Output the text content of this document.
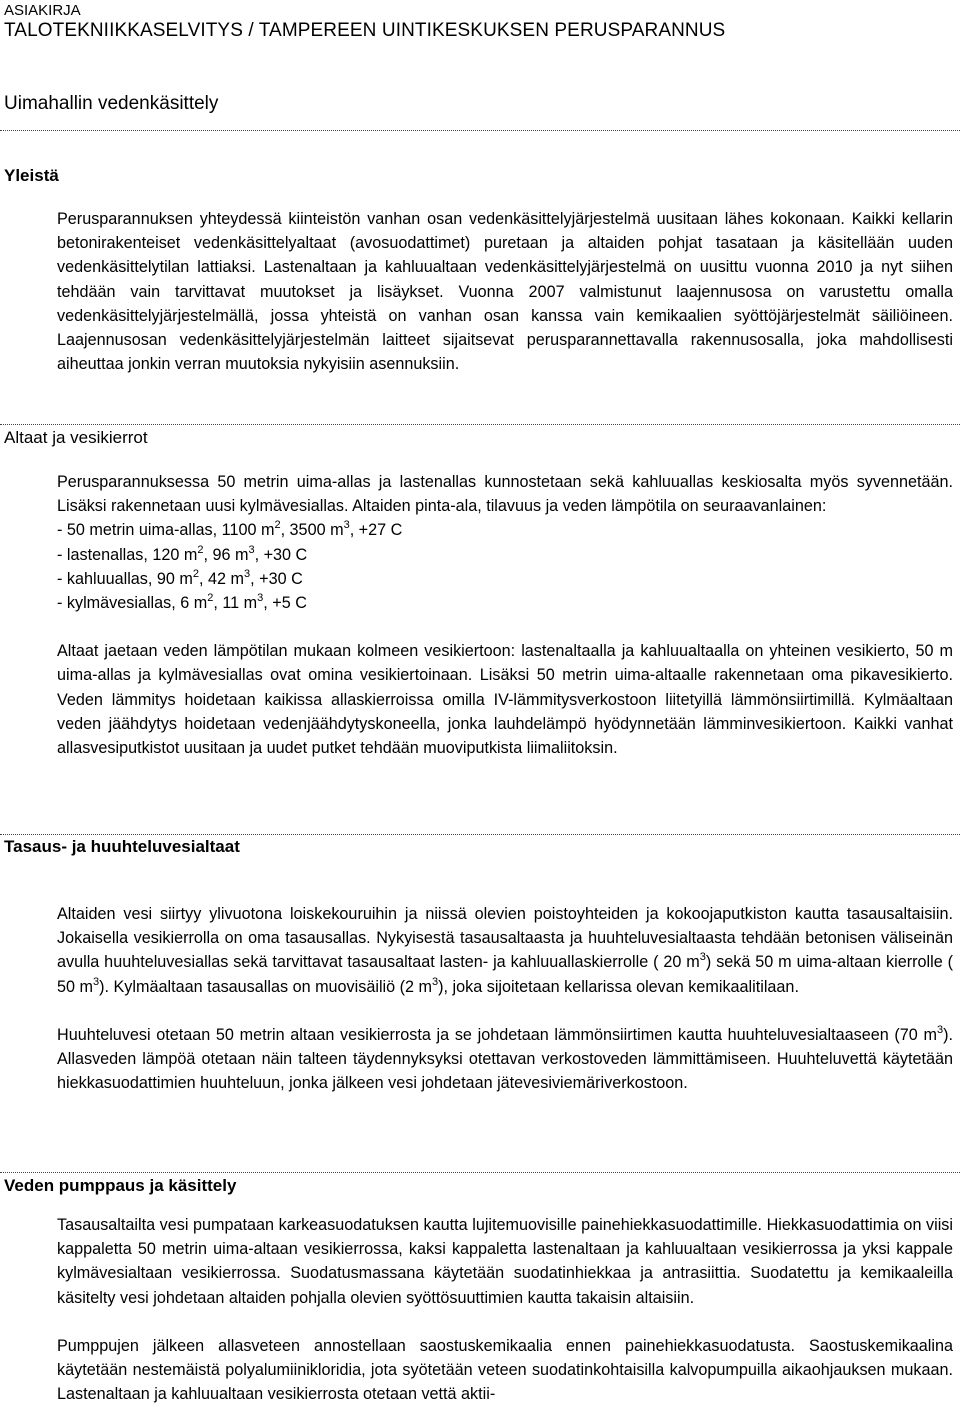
ASIAKIRJA
TALOTEKNIIKKASELVITYS / TAMPEREEN UINTIKESKUKSEN PERUSPARANNUS
Uimahallin vedenkäsittely
Yleistä

Perusparannuksen yhteydessä kiinteistön vanhan osan vedenkäsittelyjärjestelmä uusitaan lähes kokonaan. Kaikki kellarin betonirakenteiset vedenkäsittelyaltaat (avosuodattimet) puretaan ja altaiden pohjat tasataan ja käsitellään uuden vedenkäsittelytilan lattiaksi. Lastenaltaan ja kahluualtaan vedenkäsittelyjärjestelmä on uusittu vuonna 2010 ja nyt siihen tehdään vain tarvittavat muutokset ja lisäykset. Vuonna 2007 valmistunut laajennusosa on varustettu omalla vedenkäsittelyjärjestelmällä, jossa yhteistä on vanhan osan kanssa vain kemikaalien syöttöjärjestelmät säiliöineen. Laajennusosan vedenkäsittelyjärjestelmän laitteet sijaitsevat perusparannettavalla rakennusosalla, joka mahdollisesti aiheuttaa jonkin verran muutoksia nykyisiin asennuksiin.

Altaat ja vesikierrot

Perusparannuksessa 50 metrin uima-allas ja lastenallas kunnostetaan sekä kahluuallas keskiosalta myös syvennetään. Lisäksi rakennetaan uusi kylmävesiallas. Altaiden pinta-ala, tilavuus ja veden lämpötila on seuraavanlainen:

- 50 metrin uima-allas, 1100 $m^2$, 3500 $m^3$, +27 C
- lastenallas, 120 $m^2$, 96 $m^3$, +30 C
- kahluuallas, 90 $m^2$, 42 $m^3$, +30 C
- kylmävesiallas, 6 $m^2$, 11 $m^3$, +5 C

Altaat jaetaan veden lämpötilan mukaan kolmeen vesikiertoon: lastenaltaalla ja kahluualtaalla on yhteinen vesikierto, 50 m uima-allas ja kylmävesiallas ovat omina vesikiertoinaan. Lisäksi 50 metrin uima-altaalle rakennetaan oma pikavesikierto. Veden lämmitys hoidetaan kaikissa allaskierroissa omilla IV-lämmitysverkostoon liitetyillä lämmönsiirtimillä. Kylmäaltaan veden jäähdytys hoidetaan vedenjäähdytyskoneella, jonka lauhdelämpö hyödynnetään lämminvesikiertoon. Kaikki vanhat allasvesiputkistot uusitaan ja uudet putket tehdään muoviputkista liimaliitoksin.

Tasaus- ja huuhteluvesialtaat

Altaiden vesi siirtyy ylivuotona loiskekouruihin ja niissä olevien poistoyhteiden ja kokoojaputkiston kautta tasausaltaisiin. Jokaisella vesikierrolla on oma tasausallas. Nykyisestä tasausaltaasta ja huuhteluvesialtaasta tehdään betonisen väliseinän avulla huuhteluvesiallas sekä tarvittavat tasausaltaat lasten- ja kahluuallaskierrolle ( 20 $m^3$) sekä 50 m uima-altaan kierrolle ( 50 $m^3$). Kylmäaltaan tasausallas on muovisäiliö (2 $m^3$), joka sijoitetaan kellarissa olevan kemikaalitilaan.

Huuhteluvesi otetaan 50 metrin altaan vesikierrosta ja se johdetaan lämmönsiirtimen kautta huuhteluvesialtaaseen (70 $m^3$). Allasveden lämpöä otetaan näin talteen täydennyksyksi otettavan verkostoveden lämmittämiseen. Huuhteluvettä käytetään hiekkasuodattimien huuhteluun, jonka jälkeen vesi johdetaan jätevesiviemäriverkostoon.

Veden pumppaus ja käsittely

Tasausaltailta vesi pumpataan karkeasuodatuksen kautta lujitemuovisille painehiekkasuodattimille. Hiekkasuodattimia on viisi kappaletta 50 metrin uima-altaan vesikierrossa, kaksi kappaletta lastenaltaan ja kahluualtaan vesikierrossa ja yksi kappale kylmävesialtaan vesikierrossa. Suodatusmassana käytetään suodatinhiekkaa ja antrasiittia. Suodatettu ja kemikaaleilla käsitelty vesi johdetaan altaiden pohjalla olevien syöttösuuttimien kautta takaisin altaisiin.

Pumppujen jälkeen allasveteen annostellaan saostuskemikaalia ennen painehiekkasuodatusta. Saostuskemikaalina käytetään nestemäistä polyalumiinikloridia, jota syötetään veteen suodatinkohtaisilla kalvopumpuilla aikaohjauksen mukaan. Lastenaltaan ja kahluualtaan vesikierrosta otetaan vettä aktii-
